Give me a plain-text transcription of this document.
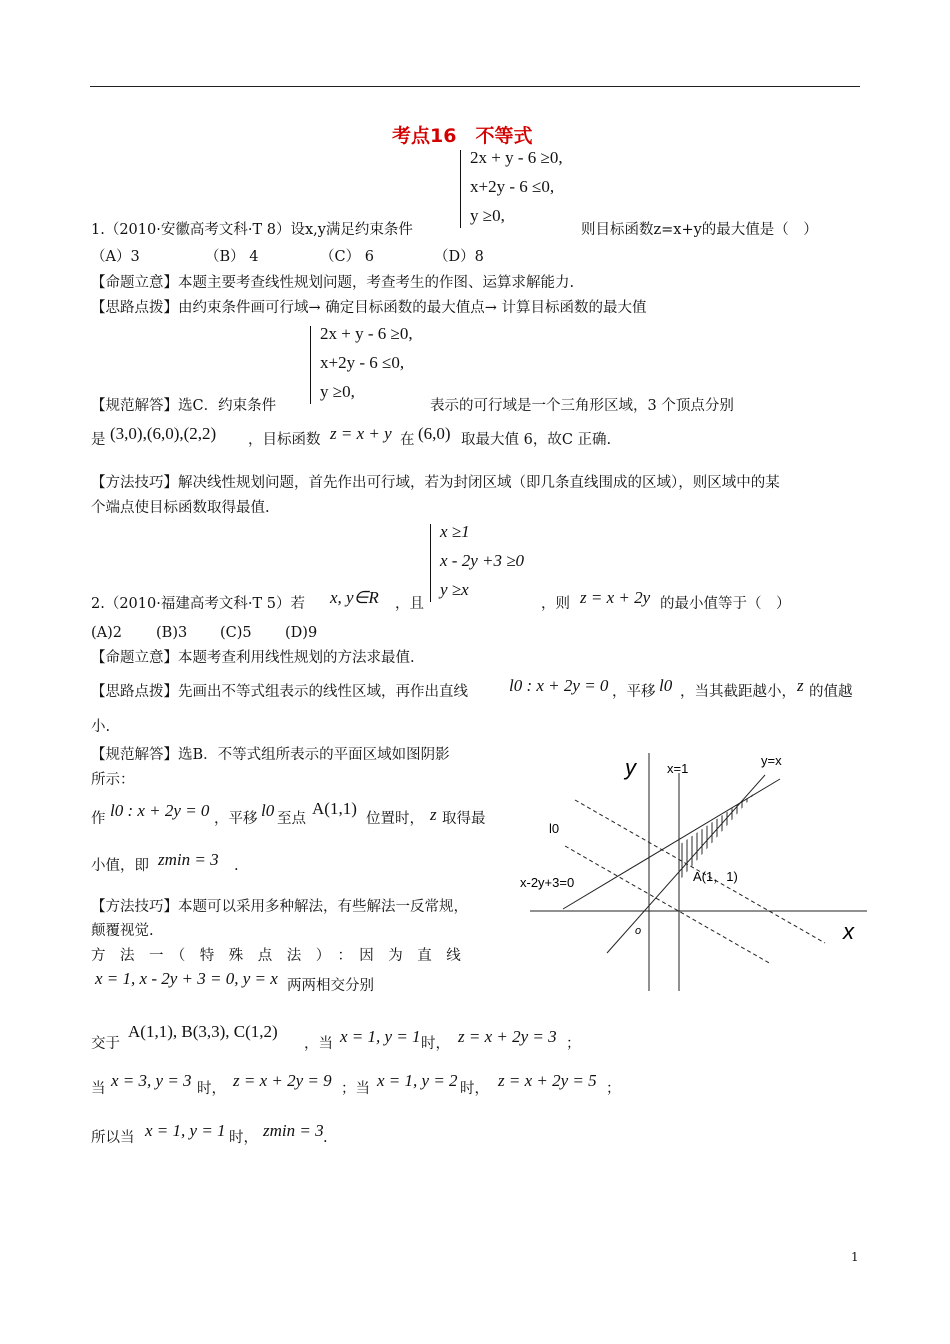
考点16　不等式
2x + y - 6 ≥0,
x+2y - 6 ≤0,
y ≥0,
1.（2010·安徽高考文科·T 8）设x,y满足约束条件	则目标函数z=x+y的最大值是（　）
（A）3	（B） 4	（C） 6	（D）8
【命题立意】本题主要考查线性规划问题，考查考生的作图、运算求解能力.
【思路点拨】由约束条件画可行域→ 确定目标函数的最大值点→ 计算目标函数的最大值
2x + y - 6 ≥0,
x+2y - 6 ≤0,
y ≥0,
【规范解答】选C．约束条件	表示的可行域是一个三角形区域，3 个顶点分别
是 (3,0),(6,0),(2,2) ，目标函数 z = x + y 在 (6,0) 取最大值 6，故C 正确.
【方法技巧】解决线性规划问题，首先作出可行域，若为封闭区域（即几条直线围成的区域），则区域中的某
个端点使目标函数取得最值.
x ≥1
x - 2y +3 ≥0
y ≥x
2.（2010·福建高考文科·T 5）若 x, y∈R ，且	，则 z = x + 2y 的最小值等于（　）
(A)2 (B)3 (C)5 (D)9
【命题立意】本题考查利用线性规划的方法求最值.
【思路点拨】先画出不等式组表示的线性区域，再作出直线 l0 : x + 2y = 0 ，平移 l0 ，当其截距越小， z 的值越
小.
【规范解答】选B．不等式组所表示的平面区域如图阴影
所示：
作 l0 : x + 2y = 0 ，平移 l0 至点
A(1,1)
位置时， z 取得最
小值，即 zmin = 3 .
【方法技巧】本题可以采用多种解法，有些解法一反常规，
颠覆视觉.
方　法　一　（　特　殊　点　法　）　：　因　为　直　线
x = 1, x - 2y + 3 = 0, y = x 两两相交分别
交于
A(1,1), B(3,3), C(1,2)
，当 x = 1, y = 1 时， z = x + 2y = 3 ；
当 x = 3, y = 3 时， z = x + 2y = 9 ；当 x = 1, y = 2 时， z = x + 2y = 5 ；
所以当 x = 1, y = 1 时， zmin = 3 .
y
x
x=1
y=x
l0
x-2y+3=0	A(1，1)
o
1
